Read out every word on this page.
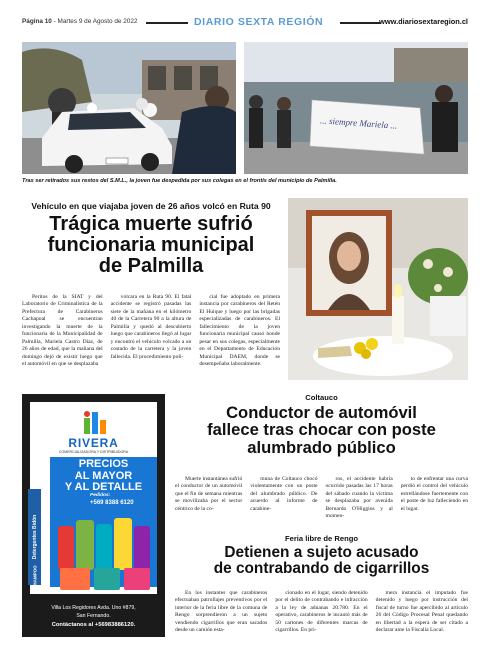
Página 10 - Martes 9 de Agosto de 2022	DIARIO SEXTA REGIÓN	www.diariosextaregion.cl
... siempre Mariela ...
Tras ser retirados sus restos del S.M.L., la joven fue despedida por sus colegas en el frontis del municipio de Palmilla.
Vehículo en que viajaba joven de 26 años volcó en Ruta 90
Trágica muerte sufrió
funcionaria municipal
de Palmilla

Peritos de la SIAT y del Laboratorio de Criminalística de la Prefectura de Carabineros Cachapoal se encuentran investigando la muerte de la funcionaria de la Municipalidad de Palmilla, Mariela Castro Díaz, de 26 años de edad, que la mañana del domingo dejó de existir luego que el automóvil en que se desplazaba

volcara en la Ruta 90. El fatal accidente se registró pasadas las siete de la mañana en el kilómetro 40 de la Carretera 90 a la altura de Palmilla y quedó al descubierto luego que carabineros llegó al lugar y encontró el vehículo volcado a un costado de la carretera y la joven fallecida. El procedimiento poli-

cial fue adoptado en primera instancia por carabineros del Retén El Huique y luego por las brigadas especializadas de carabineros. El fallecimiento de la joven funcionaria municipal causó honde pesar en sus colegas, especialmente en el Departamento de Educación Municipal DAEM, donde se desempeñaba laboralmente.

RIVERA
COMERCIALIZADORA Y DISTRIBUIDORA
PRECIOS
AL MAYOR
Y AL DETALLE
Pedidos:
+569 8388 6120
Detergentes Bidón
SHAMPOO
Villa Los Regidores Avda. Uno #879,
San Fernando.
Contáctanos al +56983886120.
Coltauco
Conductor de automóvil
fallece tras chocar con poste
alumbrado público

Muerte instantánea sufrió el conductor de un automóvil que el fin de semana mientras se movilizaba por el sector céntrico de la co-

muna de Coltauco chocó violentamente con un poste del alumbrado público. De acuerdo al informe de carabine-

ros, el accidente habría ocurrido pasadas las 17 horas del sábado cuando la víctima se desplazaba por avenida Bernardo O'Higgins y al momen-

to de enfrentar una curva perdió el control del vehículo estrellándose fuertemente con el poste de luz falleciendo en el lugar.

Feria libre de Rengo
Detienen a sujeto acusado
de contrabando de cigarrillos

En los instantes que carabineros efectuaban patrullajes preventivos por el interior de la feria libre de la comuna de Rengo sorprendieron a un sujeto vendiendo cigarrillos que eran sacados desde un camión esta-

cionado en el lugar, siendo detenido por el delito de contrabando e infracción a la ley de aduanas 20.780. En el operativo, carabineros le incautó más de 50 cartones de diferentes marcas de cigarrillos. En pri-

mera instancia el imputado fue detenido y luego por instrucción del fiscal de turno fue apercibido al artículo 26 del Código Procesal Penal quedando en libertad a la espera de ser citado a declarar ante la Fiscalía Local.
